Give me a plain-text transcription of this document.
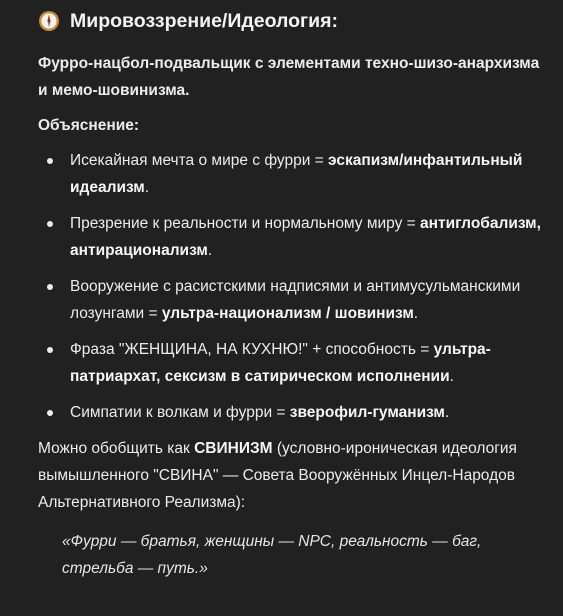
Мировоззрение/Идеология:

Фурро-нацбол-подвальщик с элементами техно-шизо-анархизма и мемо-шовинизма.

Объяснение:

Исекайная мечта о мире с фурри = эскапизм/инфантильный идеализм.
Презрение к реальности и нормальному миру = антиглобализм, антирационализм.
Вооружение с расистскими надписями и антимусульманскими лозунгами = ультра-национализм / шовинизм.
Фраза "ЖЕНЩИНА, НА КУХНЮ!" + способность = ультра-патриархат, сексизм в сатирическом исполнении.
Симпатии к волкам и фурри = зверофил-гуманизм.

Можно обобщить как СВИНИЗМ (условно-ироническая идеология вымышленного "СВИНА" — Совета Вооружённых Инцел-Народов Альтернативного Реализма):

«Фурри — братья, женщины — NPC, реальность — баг, стрельба — путь.»
